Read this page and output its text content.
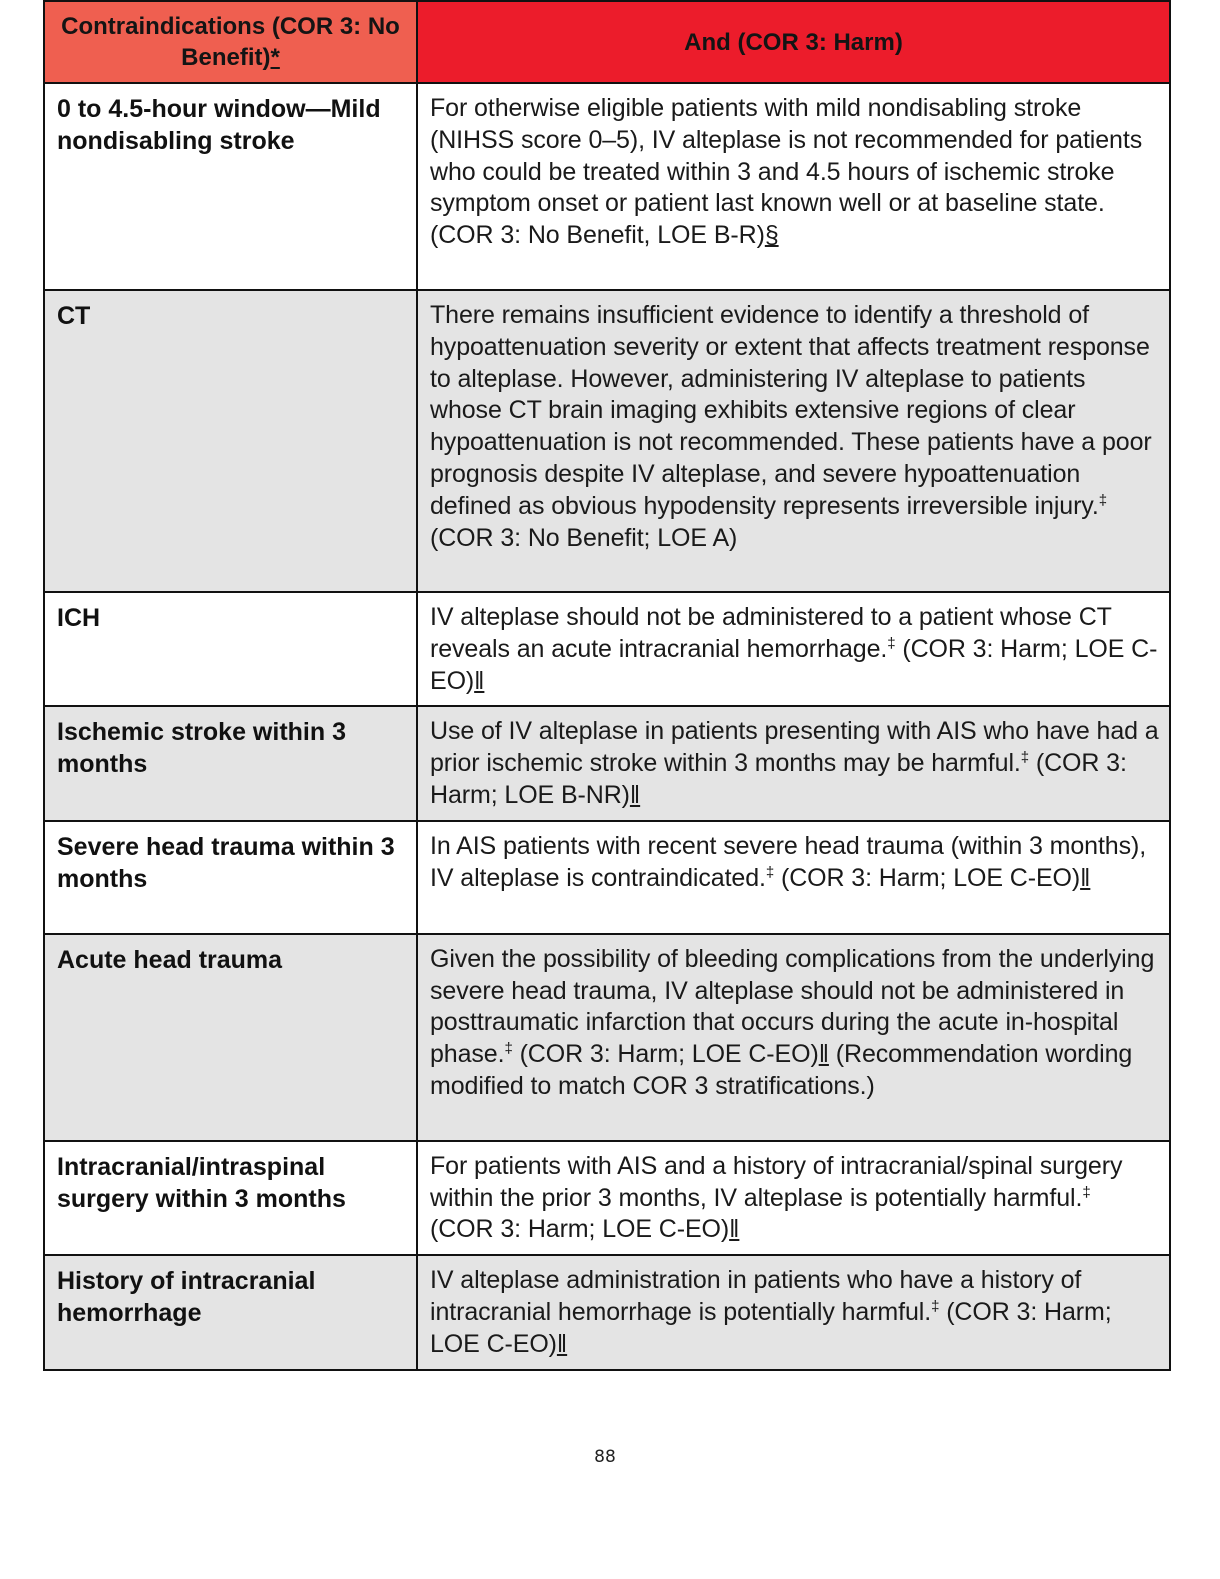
Contraindications (COR 3: No Benefit)*	And (COR 3: Harm)
0 to 4.5-hour window—Mild nondisabling stroke	For otherwise eligible patients with mild nondisabling stroke (NIHSS score 0–5), IV alteplase is not recommended for patients who could be treated within 3 and 4.5 hours of ischemic stroke symptom onset or patient last known well or at baseline state. (COR 3: No Benefit, LOE B-R)§
CT	There remains insufficient evidence to identify a threshold of hypoattenuation severity or extent that affects treatment response to alteplase. However, administering IV alteplase to patients whose CT brain imaging exhibits extensive regions of clear hypoattenuation is not recommended. These patients have a poor prognosis despite IV alteplase, and severe hypoattenuation defined as obvious hypodensity represents irreversible injury.‡ (COR 3: No Benefit; LOE A)
ICH	IV alteplase should not be administered to a patient whose CT reveals an acute intracranial hemorrhage.‡ (COR 3: Harm; LOE C-EO)‖
Ischemic stroke within 3 months	Use of IV alteplase in patients presenting with AIS who have had a prior ischemic stroke within 3 months may be harmful.‡ (COR 3: Harm; LOE B-NR)‖
Severe head trauma within 3 months	In AIS patients with recent severe head trauma (within 3 months), IV alteplase is contraindicated.‡ (COR 3: Harm; LOE C-EO)‖
Acute head trauma	Given the possibility of bleeding complications from the underlying severe head trauma, IV alteplase should not be administered in posttraumatic infarction that occurs during the acute in-hospital phase.‡ (COR 3: Harm; LOE C-EO)‖ (Recommendation wording modified to match COR 3 stratifications.)
Intracranial/intraspinal surgery within 3 months	For patients with AIS and a history of intracranial/spinal surgery within the prior 3 months, IV alteplase is potentially harmful.‡ (COR 3: Harm; LOE C-EO)‖
History of intracranial hemorrhage	IV alteplase administration in patients who have a history of intracranial hemorrhage is potentially harmful.‡ (COR 3: Harm; LOE C-EO)‖
88
